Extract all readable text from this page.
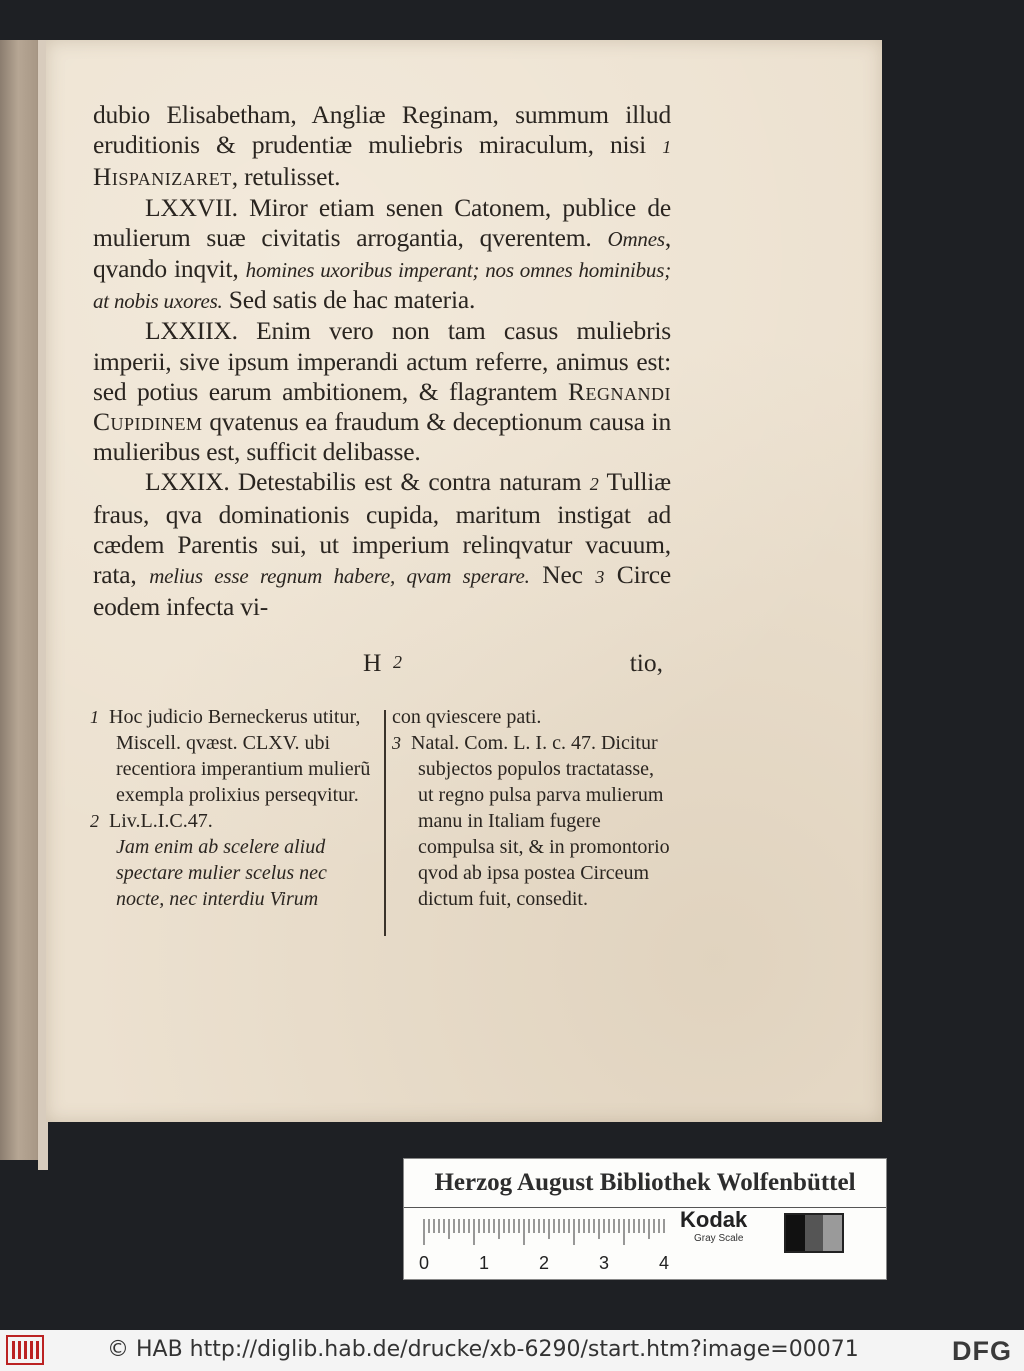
dubio Elisabetham, Angliæ Reginam, summum illud eruditionis & prudentiæ muliebris miraculum, nisi 1 Hispanizaret, retulisset.

LXXVII. Miror etiam senen Catonem, publice de mulierum suæ civitatis arrogantia, qverentem. Omnes, qvando inqvit, homines uxoribus imperant; nos omnes hominibus; at nobis uxores. Sed satis de hac materia.

LXXIIX. Enim vero non tam casus muliebris imperii, sive ipsum imperandi actum referre, animus est: sed potius earum ambitionem, & flagrantem Regnandi Cupidinem qvatenus ea fraudum & deceptionum causa in mulieribus est, sufficit delibasse.

LXXIX. Detestabilis est & contra naturam 2 Tulliæ fraus, qva dominationis cupida, maritum instigat ad cædem Parentis sui, ut imperium relinqvatur vacuum, rata, melius esse regnum habere, qvam sperare. Nec 3 Circe eodem infecta vi-

H 2	tio,

1 Hoc judicio Berneckerus utitur, Miscell. qvæst. CLXV. ubi recentiora imperantium mulierũ exempla prolixius perseqvitur.

2 Liv.L.I.C.47.

Jam enim ab scelere aliud spectare mulier scelus nec nocte, nec interdiu Virum

con qviescere pati.

3 Natal. Com. L. I. c. 47. Dicitur subjectos populos tractatasse, ut regno pulsa parva mulierum manu in Italiam fugere compulsa sit, & in promontorio qvod ab ipsa postea Circeum dictum fuit, consedit.

Herzog August Bibliothek Wolfenbüttel
0	1	2	3	4
Kodak
Gray Scale
© HAB http://diglib.hab.de/drucke/xb-6290/start.htm?image=00071	DFG
